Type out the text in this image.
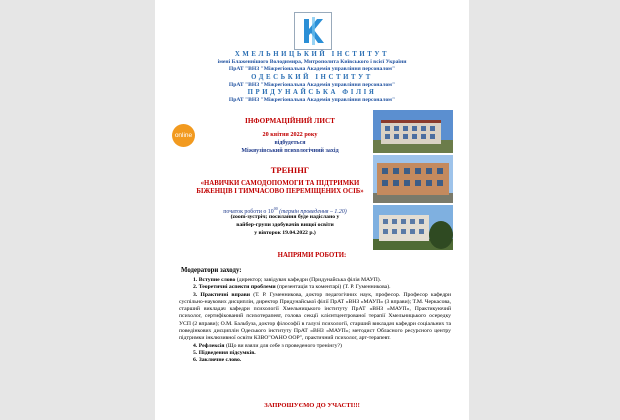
ХМЕЛЬНИЦЬКИЙ ІНСТИТУТ
імені Блаженнішого Володимира, Митрополита Київського і всієї України
ПрАТ "ВНЗ "Міжрегіональна Академія управління персоналом"
ОДЕСЬКИЙ ІНСТИТУТ
ПрАТ "ВНЗ "Міжрегіональна Академія управління персоналом"
ПРИДУНАЙСЬКА ФІЛІЯ
ПрАТ "ВНЗ "Міжрегіональна Академія управління персоналом"
online
ІНФОРМАЦІЙНИЙ ЛИСТ
20 квітня 2022 року
відбудеться
Міжвузівський психологічний захід
ТРЕНІНГ
«НАВИЧКИ САМОДОПОМОГИ ТА ПІДТРИМКИ
БІЖЕНЦІВ І ТИМЧАСОВО ПЕРЕМІЩЕНИХ ОСІБ»
початок роботи о $10^{00}$ (термін проведення – 1.20)
(zoom-зустріч; посилання буде надіслано у
вайбер-групи здобувачів вищої освіти
у вівторок 19.04.2022 р.)
НАПРЯМИ РОБОТИ:
Модератори заходу:

1. Вступне слово (директор; завідувач кафедри (Придунайська філія МАУП).

2. Теоретичні аспекти проблеми (презентація та коментарі) (Т. Р. Гуменникова).

3. Практичні вправи (Т. Р. Гуменникова, доктор педагогічних наук, професор. Професор кафедри суспільно-наукових дисциплін, директор Придунайської філії ПрАТ «ВНЗ «МАУП» (3 вправи); Т.М. Черкасова, старший викладач кафедри психології Хмельницького інституту ПрАТ «ВНЗ «МАУП», Практикуючий психолог, сертифікований психотерапевт, голова секції клієнтцентрованої терапії Хмельницького осередку УСП (2 вправи); О.М. Бальбуза, доктор філософії в галузі психології, старший викладач кафедри соціальних та поведінкових дисциплін Одеського інституту ПрАТ «ВНЗ «МАУП»; методист Обласного ресурсного центру підтримки інклюзивної освіти КЗВО"ОАНО ООР", практичний психолог, арт-терапевт.

4. Рефлексія (Що ви взяли для себе з проведеного тренінгу?)

5. Підведення підсумків.

6. Заключне слово.

ЗАПРОШУЄМО ДО УЧАСТІ!!!
